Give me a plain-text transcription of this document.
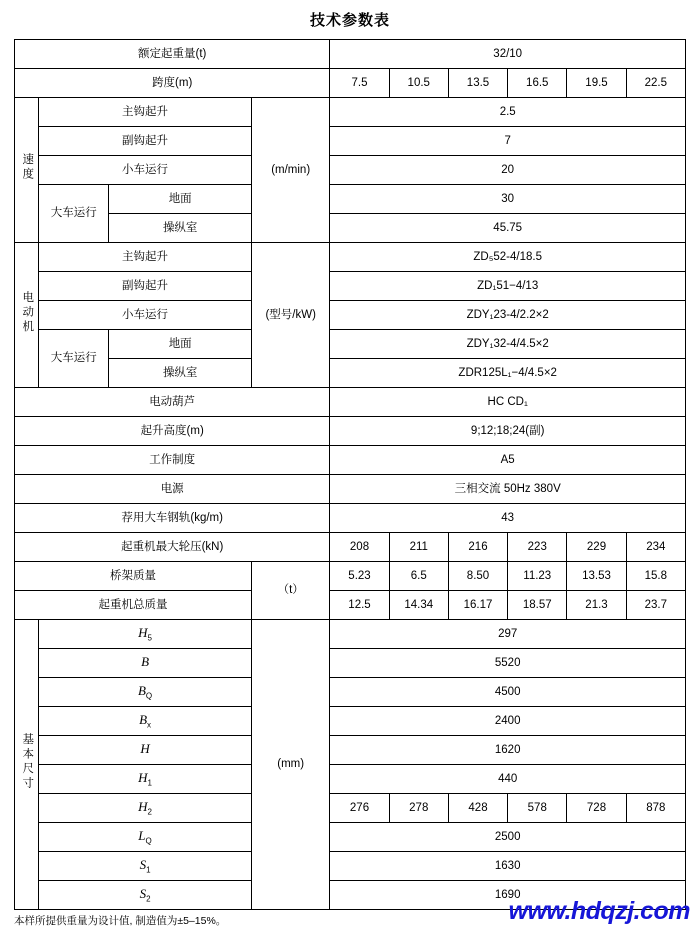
技术参数表
额定起重量(t)				32/10					
跨度(m)				7.5	10.5	13.5	16.5	19.5	22.5
速度	主钩起升		(m/min)	2.5					
	副钩起升			7					
	小车运行			20					
	大车运行	地面		30					
		操纵室		45.75					
电动机	主钩起升		(型号/kW)	ZD₅52-4/18.5					
	副钩起升			ZD₁51−4/13					
	小车运行			ZDY₁23-4/2.2×2					
	大车运行	地面		ZDY₁32-4/4.5×2					
		操纵室		ZDR125L₁−4/4.5×2					
电动葫芦				HC CD₁					
起升高度(m)				9;12;18;24(副)					
工作制度				A5					
电源				三相交流 50Hz 380V					
荐用大车钢轨(kg/m)				43					
起重机最大轮压(kN)				208	211	216	223	229	234
桥架质量			（t）	5.23	6.5	8.50	11.23	13.53	15.8
起重机总质量				12.5	14.34	16.17	18.57	21.3	23.7
基本尺寸	$H_5$		(mm)	297					
	B			5520					
	$B_Q$			4500					
	$B_x$			2400					
	H			1620					
	$H_1$			440					
	$H_2$			276	278	428	578	728	878
	$L_Q$			2500					
	$S_1$			1630					
	$S_2$			1690					
本样所提供重量为设计值, 制造值为±5–15%。	www.hdqzj.com
